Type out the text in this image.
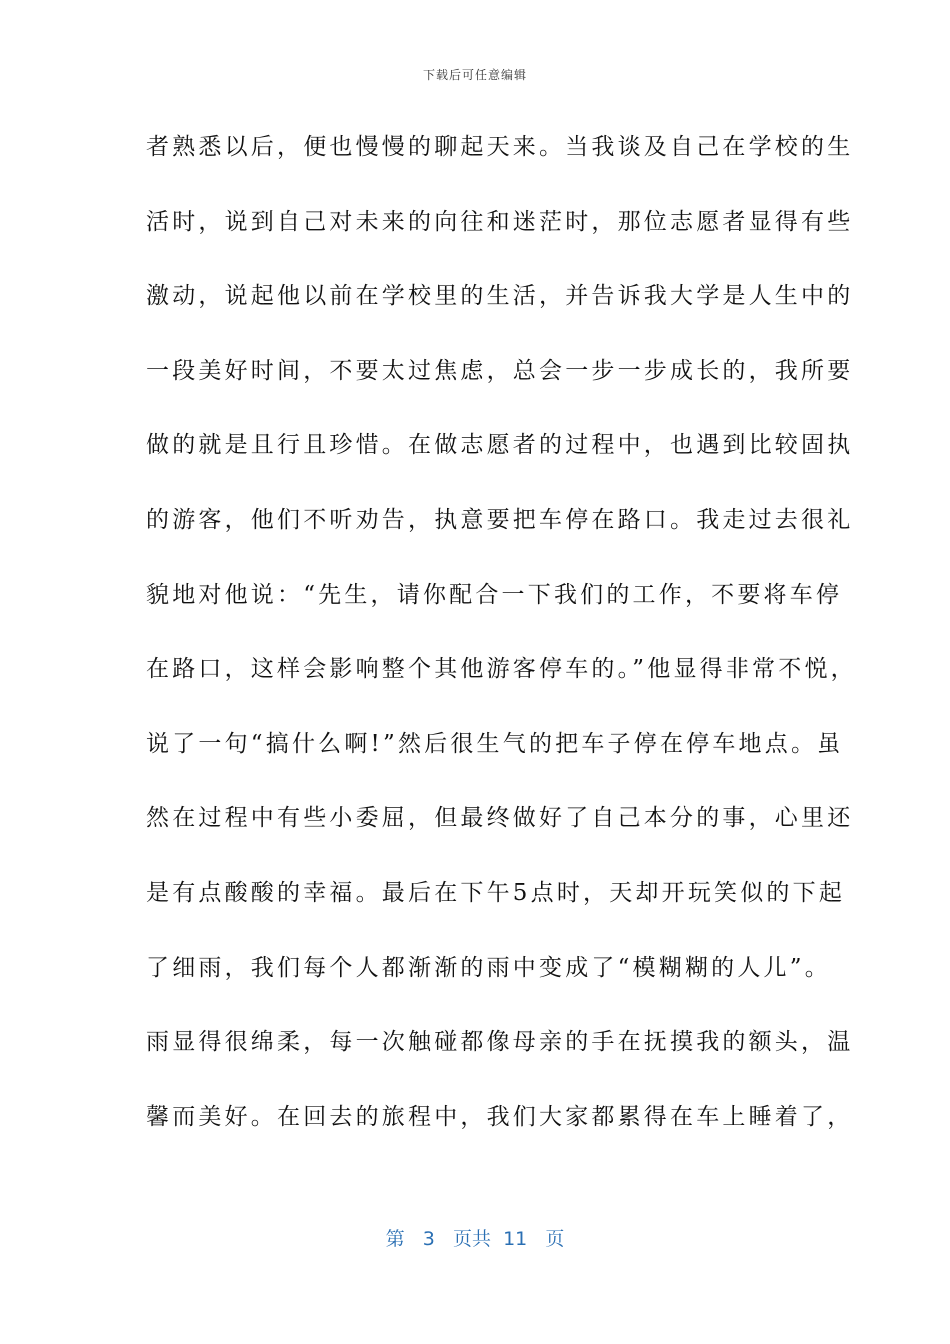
下载后可任意编辑
者熟悉以后，便也慢慢的聊起天来。当我谈及自己在学校的生
活时，说到自己对未来的向往和迷茫时，那位志愿者显得有些
激动，说起他以前在学校里的生活，并告诉我大学是人生中的
一段美好时间，不要太过焦虑，总会一步一步成长的，我所要
做的就是且行且珍惜。在做志愿者的过程中，也遇到比较固执
的游客，他们不听劝告，执意要把车停在路口。我走过去很礼
貌地对他说：“先生，请你配合一下我们的工作，不要将车停
在路口，这样会影响整个其他游客停车的。”他显得非常不悦，
说了一句“搞什么啊!”然后很生气的把车子停在停车地点。虽
然在过程中有些小委屈，但最终做好了自己本分的事，心里还
是有点酸酸的幸福。最后在下午5点时，天却开玩笑似的下起
了细雨，我们每个人都渐渐的雨中变成了“模糊糊的人儿”。
雨显得很绵柔，每一次触碰都像母亲的手在抚摸我的额头，温
馨而美好。在回去的旅程中，我们大家都累得在车上睡着了，
第 3 页共 11 页
